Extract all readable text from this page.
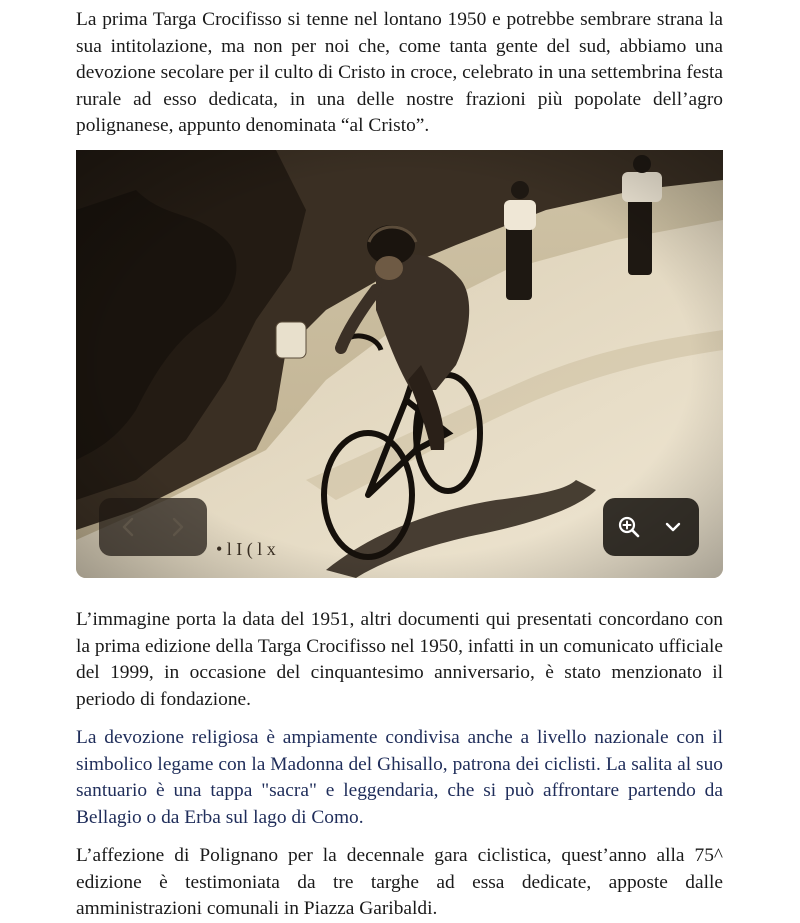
La prima Targa Crocifisso si tenne nel lontano 1950 e potrebbe sembrare strana la sua intitolazione, ma non per noi che, come tanta gente del sud, abbiamo una devozione secolare per il culto di Cristo in croce, celebrato in una settembrina festa rurale ad esso dedicata, in una delle nostre frazioni più popolate dell’agro polignanese, appunto denominata “al Cristo”.

L’immagine porta la data del 1951, altri documenti qui presentati concordano con la prima edizione della Targa Crocifisso nel 1950, infatti in un comunicato ufficiale del 1999, in occasione del cinquantesimo anniversario, è stato menzionato il periodo di fondazione.

La devozione religiosa è ampiamente condivisa anche a livello nazionale con il simbolico legame con la Madonna del Ghisallo, patrona dei ciclisti. La salita al suo santuario è una tappa "sacra" e leggendaria, che si può affrontare partendo da Bellagio o da Erba sul lago di Como.

L’affezione di Polignano per la decennale gara ciclistica, quest’anno alla 75^ edizione è testimoniata da tre targhe ad essa dedicate, apposte dalle amministrazioni comunali in Piazza Garibaldi.
